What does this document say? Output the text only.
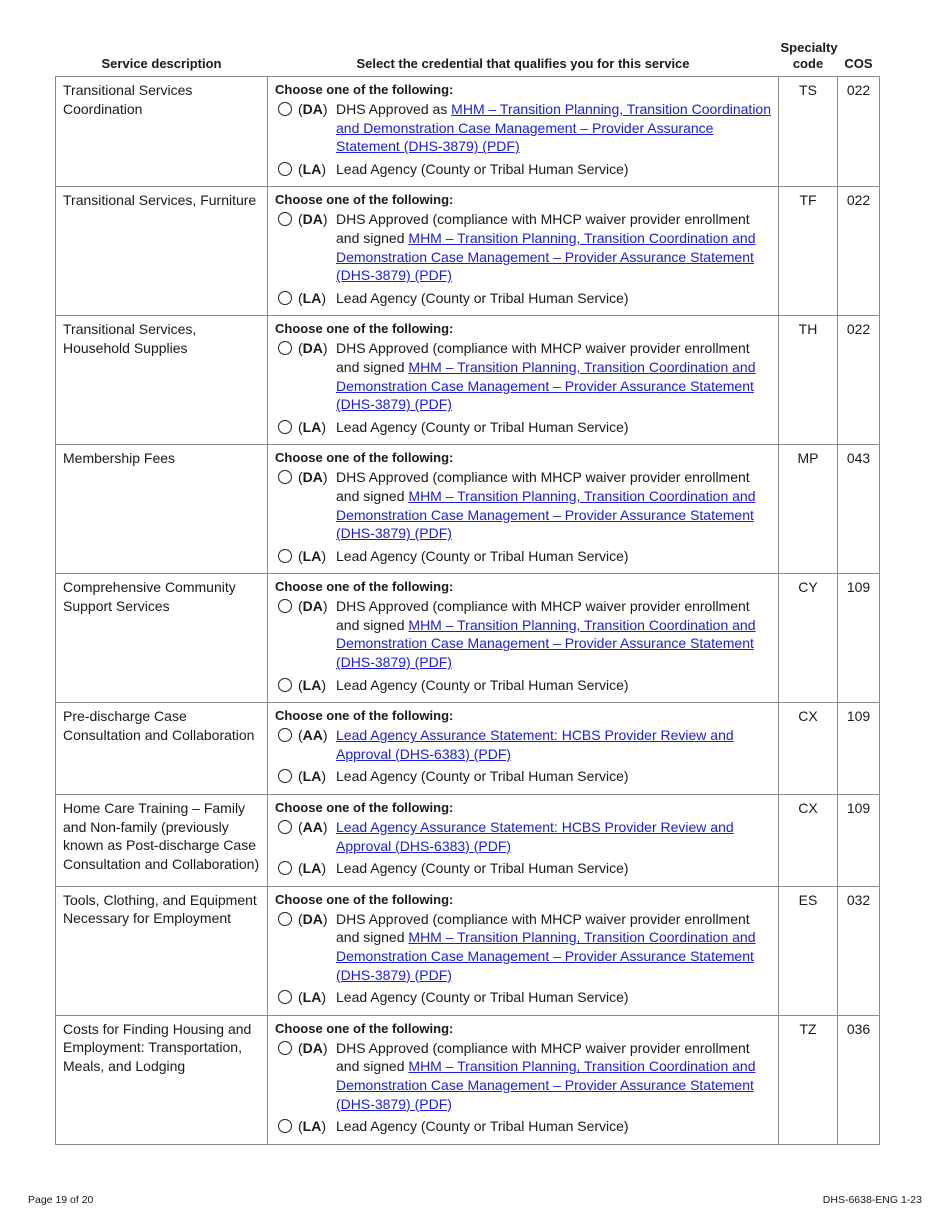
Service description	Select the credential that qualifies you for this service	Specialty code	COS
Transitional Services Coordination	Choose one of the following:
(DA) DHS Approved as MHM – Transition Planning, Transition Coordination and Demonstration Case Management – Provider Assurance Statement (DHS-3879) (PDF)
(LA) Lead Agency (County or Tribal Human Service)	TS	022
Transitional Services, Furniture	Choose one of the following:
(DA) DHS Approved (compliance with MHCP waiver provider enrollment and signed MHM – Transition Planning, Transition Coordination and Demonstration Case Management – Provider Assurance Statement (DHS-3879) (PDF)
(LA) Lead Agency (County or Tribal Human Service)	TF	022
Transitional Services, Household Supplies	Choose one of the following:
(DA) DHS Approved (compliance with MHCP waiver provider enrollment and signed MHM – Transition Planning, Transition Coordination and Demonstration Case Management – Provider Assurance Statement (DHS-3879) (PDF)
(LA) Lead Agency (County or Tribal Human Service)	TH	022
Membership Fees	Choose one of the following:
(DA) DHS Approved (compliance with MHCP waiver provider enrollment and signed MHM – Transition Planning, Transition Coordination and Demonstration Case Management – Provider Assurance Statement (DHS-3879) (PDF)
(LA) Lead Agency (County or Tribal Human Service)	MP	043
Comprehensive Community Support Services	Choose one of the following:
(DA) DHS Approved (compliance with MHCP waiver provider enrollment and signed MHM – Transition Planning, Transition Coordination and Demonstration Case Management – Provider Assurance Statement (DHS-3879) (PDF)
(LA) Lead Agency (County or Tribal Human Service)	CY	109
Pre-discharge Case Consultation and Collaboration	Choose one of the following:
(AA) Lead Agency Assurance Statement: HCBS Provider Review and Approval (DHS-6383) (PDF)
(LA) Lead Agency (County or Tribal Human Service)	CX	109
Home Care Training – Family and Non-family (previously known as Post-discharge Case Consultation and Collaboration)	Choose one of the following:
(AA) Lead Agency Assurance Statement: HCBS Provider Review and Approval (DHS-6383) (PDF)
(LA) Lead Agency (County or Tribal Human Service)	CX	109
Tools, Clothing, and Equipment Necessary for Employment	Choose one of the following:
(DA) DHS Approved (compliance with MHCP waiver provider enrollment and signed MHM – Transition Planning, Transition Coordination and Demonstration Case Management – Provider Assurance Statement (DHS-3879) (PDF)
(LA) Lead Agency (County or Tribal Human Service)	ES	032
Costs for Finding Housing and Employment: Transportation, Meals, and Lodging	Choose one of the following:
(DA) DHS Approved (compliance with MHCP waiver provider enrollment and signed MHM – Transition Planning, Transition Coordination and Demonstration Case Management – Provider Assurance Statement (DHS-3879) (PDF)
(LA) Lead Agency (County or Tribal Human Service)	TZ	036
Page 19 of 20	DHS-6638-ENG 1-23
